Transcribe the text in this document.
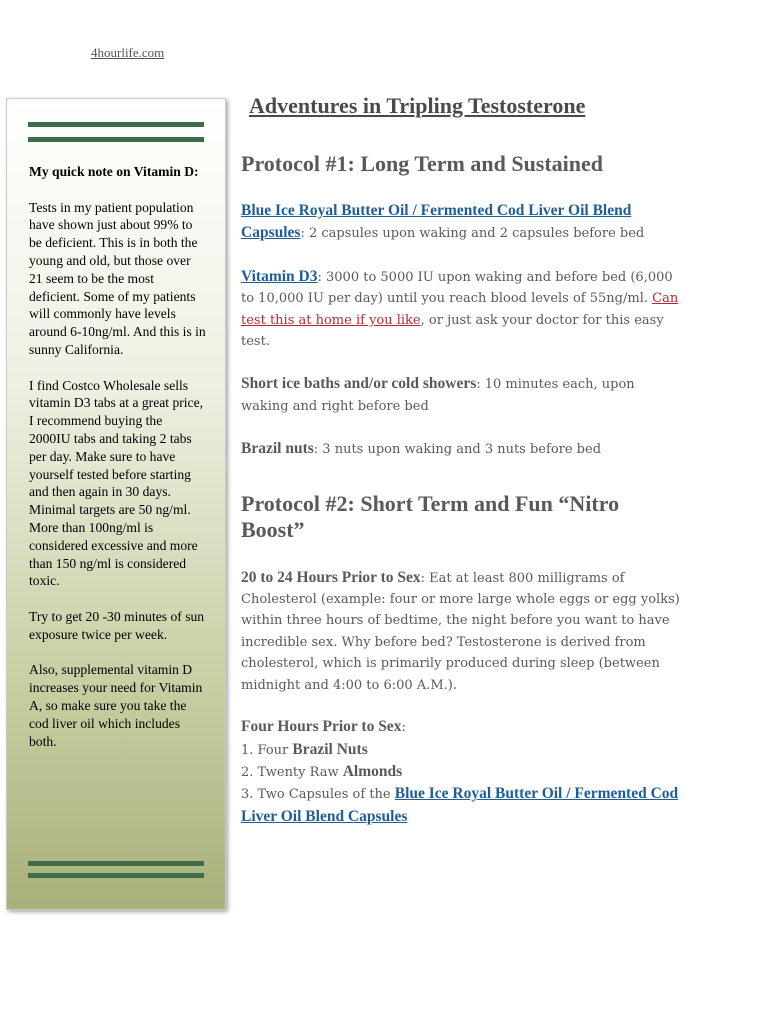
4hourlife.com

My quick note on Vitamin D:

Tests in my patient population have shown just about 99% to be deficient. This is in both the young and old, but those over 21 seem to be the most deficient. Some of my patients will commonly have levels around 6-10ng/ml. And this is in sunny California.

I find Costco Wholesale sells vitamin D3 tabs at a great price, I recommend buying the 2000IU tabs and taking 2 tabs per day. Make sure to have yourself tested before starting and then again in 30 days. Minimal targets are 50 ng/ml. More than 100ng/ml is considered excessive and more than 150 ng/ml is considered toxic.

Try to get 20 -30 minutes of sun exposure twice per week.

Also, supplemental vitamin D increases your need for Vitamin A, so make sure you take the cod liver oil which includes both.

Adventures in Tripling Testosterone
Protocol #1: Long Term and Sustained

Blue Ice Royal Butter Oil / Fermented Cod Liver Oil Blend Capsules: 2 capsules upon waking and 2 capsules before bed

Vitamin D3: 3000 to 5000 IU upon waking and before bed (6,000 to 10,000 IU per day) until you reach blood levels of 55ng/ml. Can test this at home if you like, or just ask your doctor for this easy test.

Short ice baths and/or cold showers: 10 minutes each, upon waking and right before bed

Brazil nuts: 3 nuts upon waking and 3 nuts before bed

Protocol #2: Short Term and Fun “Nitro Boost”

20 to 24 Hours Prior to Sex: Eat at least 800 milligrams of Cholesterol (example: four or more large whole eggs or egg yolks) within three hours of bedtime, the night before you want to have incredible sex. Why before bed? Testosterone is derived from cholesterol, which is primarily produced during sleep (between midnight and 4:00 to 6:00 A.M.).

Four Hours Prior to Sex:
1. Four Brazil Nuts
2. Twenty Raw Almonds
3. Two Capsules of the Blue Ice Royal Butter Oil / Fermented Cod Liver Oil Blend Capsules
